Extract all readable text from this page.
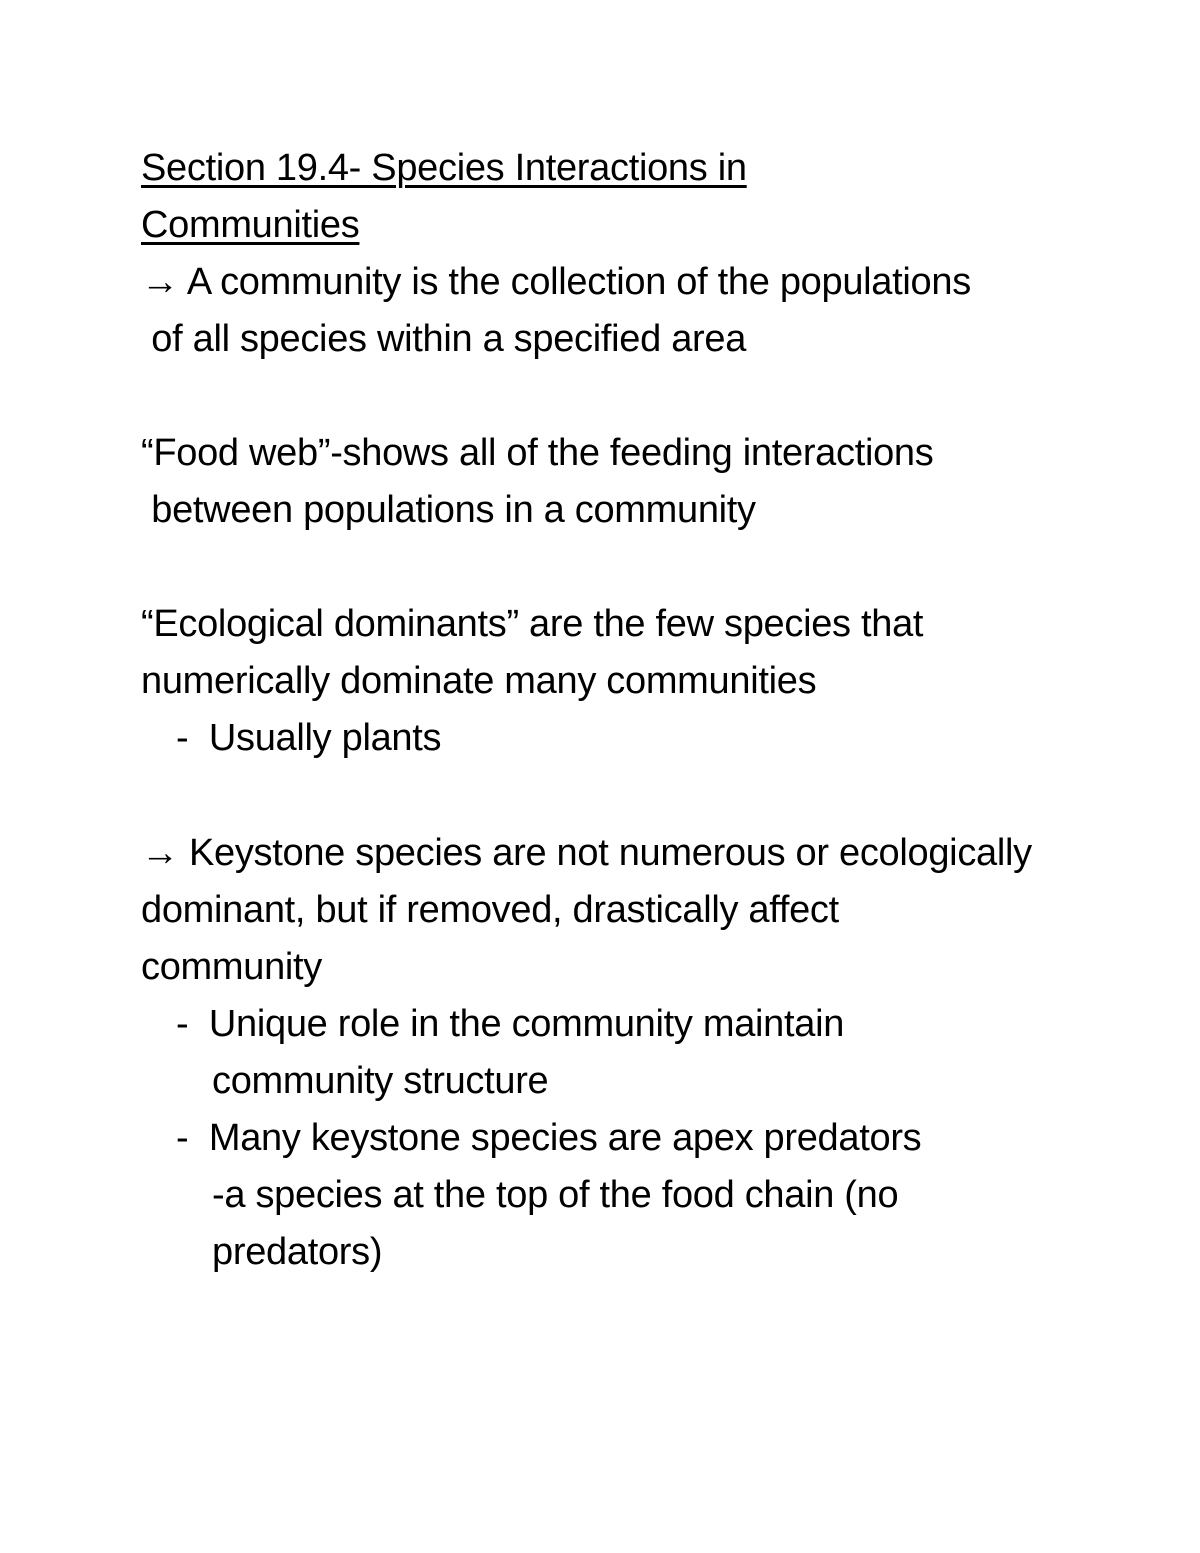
Section 19.4- Species Interactions in

Communities

→ A community is the collection of the populations

of all species within a specified area

“Food web”-shows all of the feeding interactions

between populations in a community

“Ecological dominants” are the few species that

numerically dominate many communities

-  Usually plants

→ Keystone species are not numerous or ecologically

dominant, but if removed, drastically affect

community

-  Unique role in the community maintain

community structure

-  Many keystone species are apex predators

-a species at the top of the food chain (no

predators)
